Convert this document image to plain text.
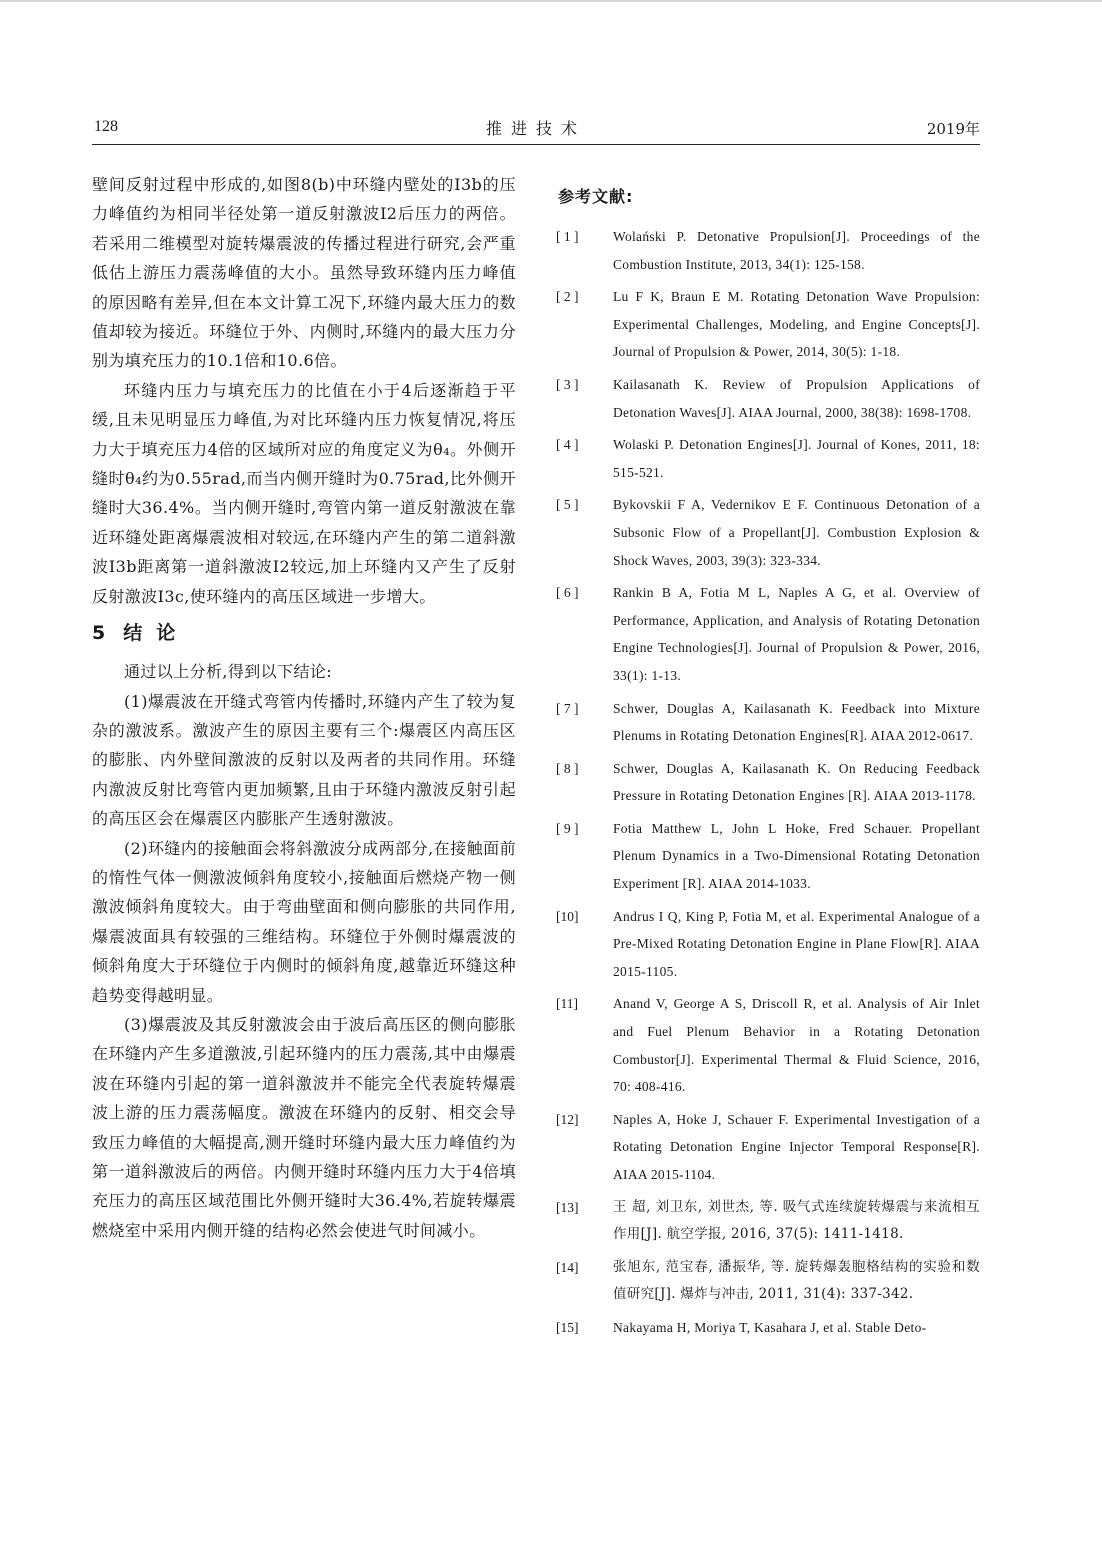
128	推进技术	2019年

壁间反射过程中形成的,如图8(b)中环缝内壁处的I3b的压力峰值约为相同半径处第一道反射激波I2后压力的两倍。若采用二维模型对旋转爆震波的传播过程进行研究,会严重低估上游压力震荡峰值的大小。虽然导致环缝内压力峰值的原因略有差异,但在本文计算工况下,环缝内最大压力的数值却较为接近。环缝位于外、内侧时,环缝内的最大压力分别为填充压力的10.1倍和10.6倍。

环缝内压力与填充压力的比值在小于4后逐渐趋于平缓,且未见明显压力峰值,为对比环缝内压力恢复情况,将压力大于填充压力4倍的区域所对应的角度定义为θ₄。外侧开缝时θ₄约为0.55rad,而当内侧开缝时为0.75rad,比外侧开缝时大36.4%。当内侧开缝时,弯管内第一道反射激波在靠近环缝处距离爆震波相对较远,在环缝内产生的第二道斜激波I3b距离第一道斜激波I2较远,加上环缝内又产生了反射反射激波I3c,使环缝内的高压区域进一步增大。

5 结论

通过以上分析,得到以下结论:

(1)爆震波在开缝式弯管内传播时,环缝内产生了较为复杂的激波系。激波产生的原因主要有三个:爆震区内高压区的膨胀、内外壁间激波的反射以及两者的共同作用。环缝内激波反射比弯管内更加频繁,且由于环缝内激波反射引起的高压区会在爆震区内膨胀产生透射激波。

(2)环缝内的接触面会将斜激波分成两部分,在接触面前的惰性气体一侧激波倾斜角度较小,接触面后燃烧产物一侧激波倾斜角度较大。由于弯曲壁面和侧向膨胀的共同作用,爆震波面具有较强的三维结构。环缝位于外侧时爆震波的倾斜角度大于环缝位于内侧时的倾斜角度,越靠近环缝这种趋势变得越明显。

(3)爆震波及其反射激波会由于波后高压区的侧向膨胀在环缝内产生多道激波,引起环缝内的压力震荡,其中由爆震波在环缝内引起的第一道斜激波并不能完全代表旋转爆震波上游的压力震荡幅度。激波在环缝内的反射、相交会导致压力峰值的大幅提高,测开缝时环缝内最大压力峰值约为第一道斜激波后的两倍。内侧开缝时环缝内压力大于4倍填充压力的高压区域范围比外侧开缝时大36.4%,若旋转爆震燃烧室中采用内侧开缝的结构必然会使进气时间减小。

参考文献:
[ 1 ]	Wolański P. Detonative Propulsion[J]. Proceedings of the Combustion Institute, 2013, 34(1): 125-158.
[ 2 ]	Lu F K, Braun E M. Rotating Detonation Wave Propulsion: Experimental Challenges, Modeling, and Engine Concepts[J]. Journal of Propulsion & Power, 2014, 30(5): 1-18.
[ 3 ]	Kailasanath K. Review of Propulsion Applications of Detonation Waves[J]. AIAA Journal, 2000, 38(38): 1698-1708.
[ 4 ]	Wolaski P. Detonation Engines[J]. Journal of Kones, 2011, 18: 515-521.
[ 5 ]	Bykovskii F A, Vedernikov E F. Continuous Detonation of a Subsonic Flow of a Propellant[J]. Combustion Explosion & Shock Waves, 2003, 39(3): 323-334.
[ 6 ]	Rankin B A, Fotia M L, Naples A G, et al. Overview of Performance, Application, and Analysis of Rotating Detonation Engine Technologies[J]. Journal of Propulsion & Power, 2016, 33(1): 1-13.
[ 7 ]	Schwer, Douglas A, Kailasanath K. Feedback into Mixture Plenums in Rotating Detonation Engines[R]. AIAA 2012-0617.
[ 8 ]	Schwer, Douglas A, Kailasanath K. On Reducing Feedback Pressure in Rotating Detonation Engines [R]. AIAA 2013-1178.
[ 9 ]	Fotia Matthew L, John L Hoke, Fred Schauer. Propellant Plenum Dynamics in a Two-Dimensional Rotating Detonation Experiment [R]. AIAA 2014-1033.
[10]	Andrus I Q, King P, Fotia M, et al. Experimental Analogue of a Pre-Mixed Rotating Detonation Engine in Plane Flow[R]. AIAA 2015-1105.
[11]	Anand V, George A S, Driscoll R, et al. Analysis of Air Inlet and Fuel Plenum Behavior in a Rotating Detonation Combustor[J]. Experimental Thermal & Fluid Science, 2016, 70: 408-416.
[12]	Naples A, Hoke J, Schauer F. Experimental Investigation of a Rotating Detonation Engine Injector Temporal Response[R]. AIAA 2015-1104.
[13]	王 超, 刘卫东, 刘世杰, 等. 吸气式连续旋转爆震与来流相互作用[J]. 航空学报, 2016, 37(5): 1411-1418.
[14]	张旭东, 范宝春, 潘振华, 等. 旋转爆轰胞格结构的实验和数值研究[J]. 爆炸与冲击, 2011, 31(4): 337-342.
[15]	Nakayama H, Moriya T, Kasahara J, et al. Stable Deto-
